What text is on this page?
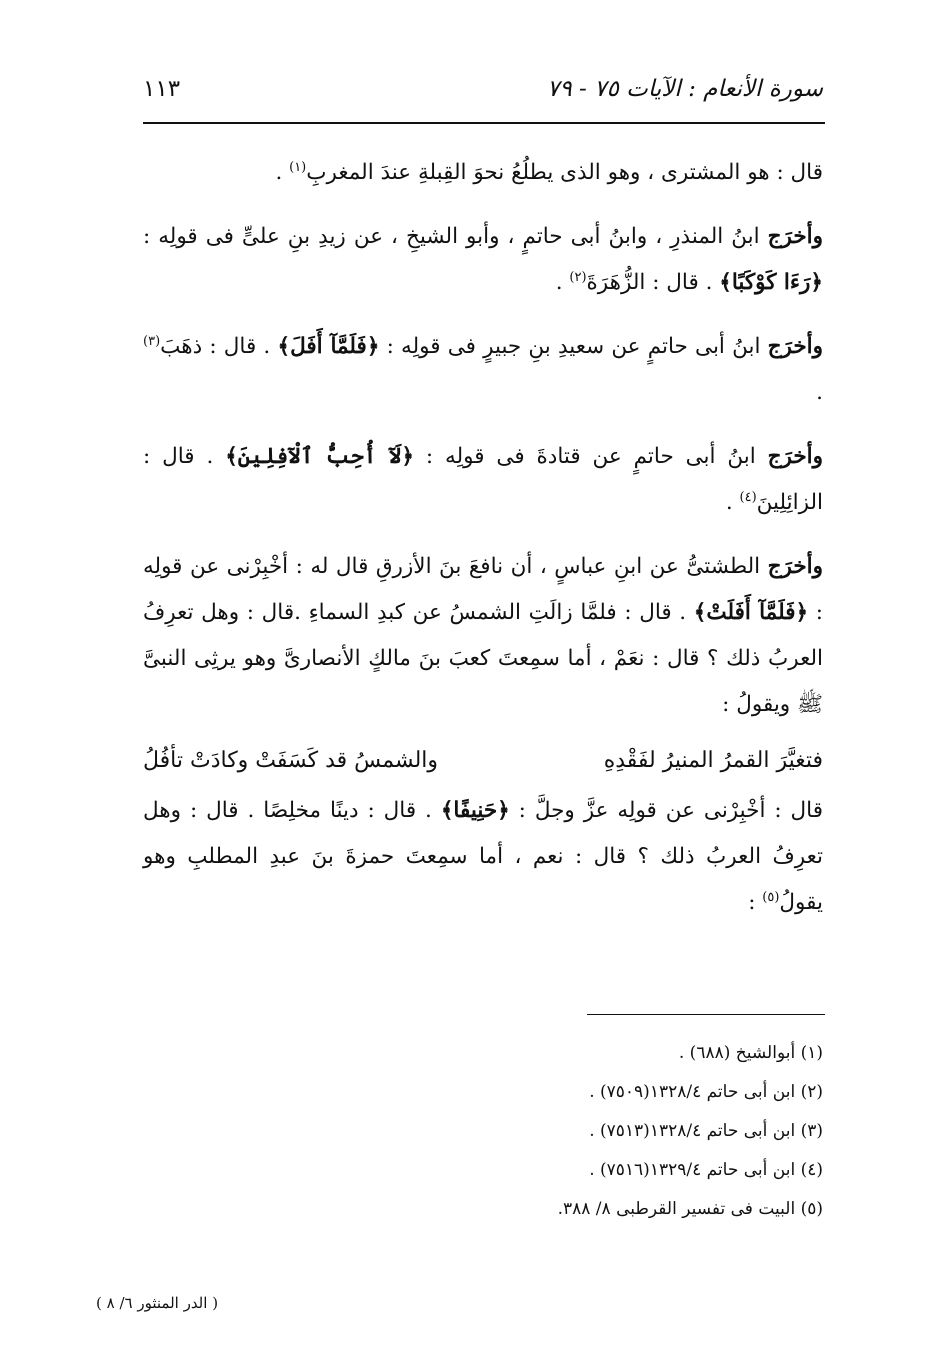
سورة الأنعام : الآيات ٧٥ - ٧٩
١١٣

قال : هو المشترى ، وهو الذى يطلُعُ نحوَ القِبلةِ عندَ المغربِ$^{(١)}$ .

وأخرَج ابنُ المنذرِ ، وابنُ أبى حاتمٍ ، وأبو الشيخِ ، عن زيدِ بنِ علىٍّ فى قولِه : ﴿رَءَا كَوْكَبًا﴾ . قال : الزُّهَرَةَ$^{(٢)}$ .

وأخرَج ابنُ أبى حاتمٍ عن سعيدِ بنِ جبيرٍ فى قولِه : ﴿فَلَمَّآ أَفَلَ﴾ . قال : ذهَبَ$^{(٣)}$ .

وأخرَج ابنُ أبى حاتمٍ عن قتادةَ فى قولِه : ﴿لَآ أُحِبُّ ٱلْآفِلِينَ﴾ . قال : الزائِلِينَ$^{(٤)}$ .

وأخرَج الطشتىُّ عن ابنِ عباسٍ ، أن نافعَ بنَ الأزرقِ قال له : أخْبِرْنى عن قولِه : ﴿فَلَمَّآ أَفَلَتْ﴾ . قال : فلمَّا زالَتِ الشمسُ عن كبدِ السماءِ .قال : وهل تعرِفُ العربُ ذلك ؟ قال : نعَمْ ، أما سمِعتَ كعبَ بنَ مالكٍ الأنصارىَّ وهو يرثِى النبىَّ ﷺ ويقولُ :

فتغيَّرَ القمرُ المنيرُ لفَقْدِهِ
والشمسُ قد كَسَفَتْ وكادَتْ تأفُلُ

قال : أخْبِرْنى عن قولِه عزَّ وجلَّ : ﴿حَنِيفًا﴾ . قال : دينًا مخلِصًا . قال : وهل تعرِفُ العربُ ذلك ؟ قال : نعم ، أما سمِعتَ حمزةَ بنَ عبدِ المطلبِ وهو يقولُ$^{(٥)}$ :

(١) أبوالشيخ (٦٨٨) .

(٢) ابن أبى حاتم ١٣٢٨/٤(٧٥٠٩) .

(٣) ابن أبى حاتم ١٣٢٨/٤(٧٥١٣) .

(٤) ابن أبى حاتم ١٣٢٩/٤(٧٥١٦) .

(٥) البيت فى تفسير القرطبى ٨/ ٣٨٨.

( الدر المنثور ٦/ ٨ )
